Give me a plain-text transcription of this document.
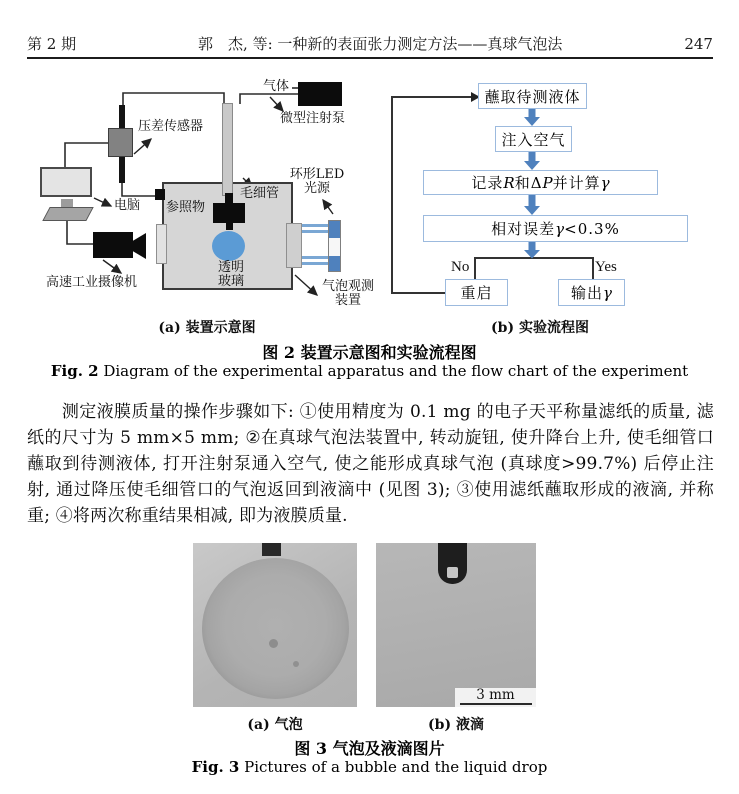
第 2 期	郭　杰, 等: 一种新的表面张力测定方法——真球气泡法	247
气体
微型注射泵
压差传感器
电脑
高速工业摄像机
参照物
毛细管
环形LED
光源
透明
玻璃	气泡观测
装置
蘸取待测液体
注入空气
记录 R 和Δ P 并计算 γ
相对误差 γ <0.3%
No	Yes
重启	输出 γ
(a) 装置示意图	(b) 实验流程图
图 2 装置示意图和实验流程图
Fig. 2 Diagram of the experimental apparatus and the flow chart of the experiment
测定液膜质量的操作步骤如下: ①使用精度为 0.1 mg 的电子天平称量滤纸的质量, 滤纸的尺寸为 5 mm×5 mm; ②在真球气泡法装置中, 转动旋钮, 使升降台上升, 使毛细管口蘸取到待测液体, 打开注射泵通入空气, 使之能形成真球气泡 (真球度>99.7%) 后停止注射, 通过降压使毛细管口的气泡返回到液滴中 (见图 3); ③使用滤纸蘸取形成的液滴, 并称重; ④将两次称重结果相减, 即为液膜质量.
3 mm
(a) 气泡	(b) 液滴
图 3 气泡及液滴图片
Fig. 3 Pictures of a bubble and the liquid drop
